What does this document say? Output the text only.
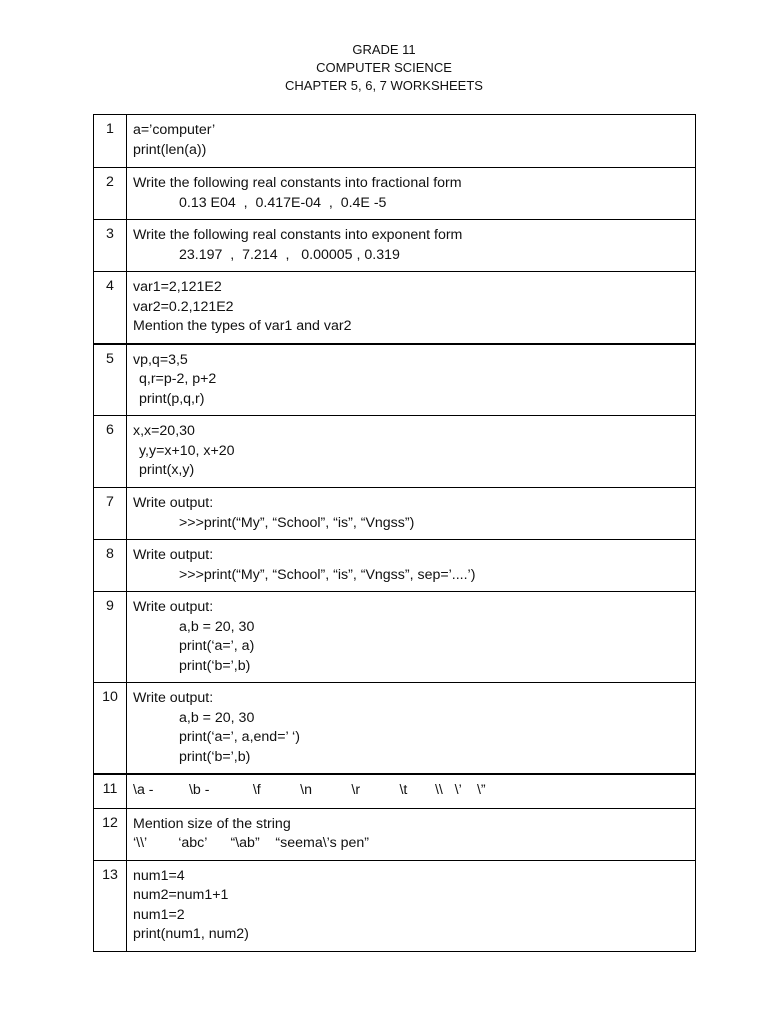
GRADE 11
COMPUTER SCIENCE
CHAPTER 5, 6, 7 WORKSHEETS
1	a=’computer’
print(len(a))

2	Write the following real constants into fractional form
0.13 E04  ,  0.417E-04  ,  0.4E -5

3	Write the following real constants into exponent form
23.197  ,  7.214  ,   0.00005 , 0.319

4	var1=2,121E2
var2=0.2,121E2
Mention the types of var1 and var2

5	vp,q=3,5
q,r=p-2, p+2
print(p,q,r)

6	x,x=20,30
y,y=x+10, x+20
print(x,y)

7	Write output:
>>>print(“My”, “School”, “is”, “Vngss”)

8	Write output:
>>>print(“My”, “School”, “is”, “Vngss”, sep=’....’)

9	Write output:
a,b = 20, 30
print(‘a=’, a)
print(‘b=’,b)

10	Write output:
a,b = 20, 30
print(‘a=’, a,end=’ ‘)
print(‘b=’,b)

11	\a -         \b -           \f          \n          \r          \t       \\   \’    \”

12	Mention size of the string
‘\\’        ‘abc’      “\ab”    “seema\’s pen”

13	num1=4
num2=num1+1
num1=2
print(num1, num2)
